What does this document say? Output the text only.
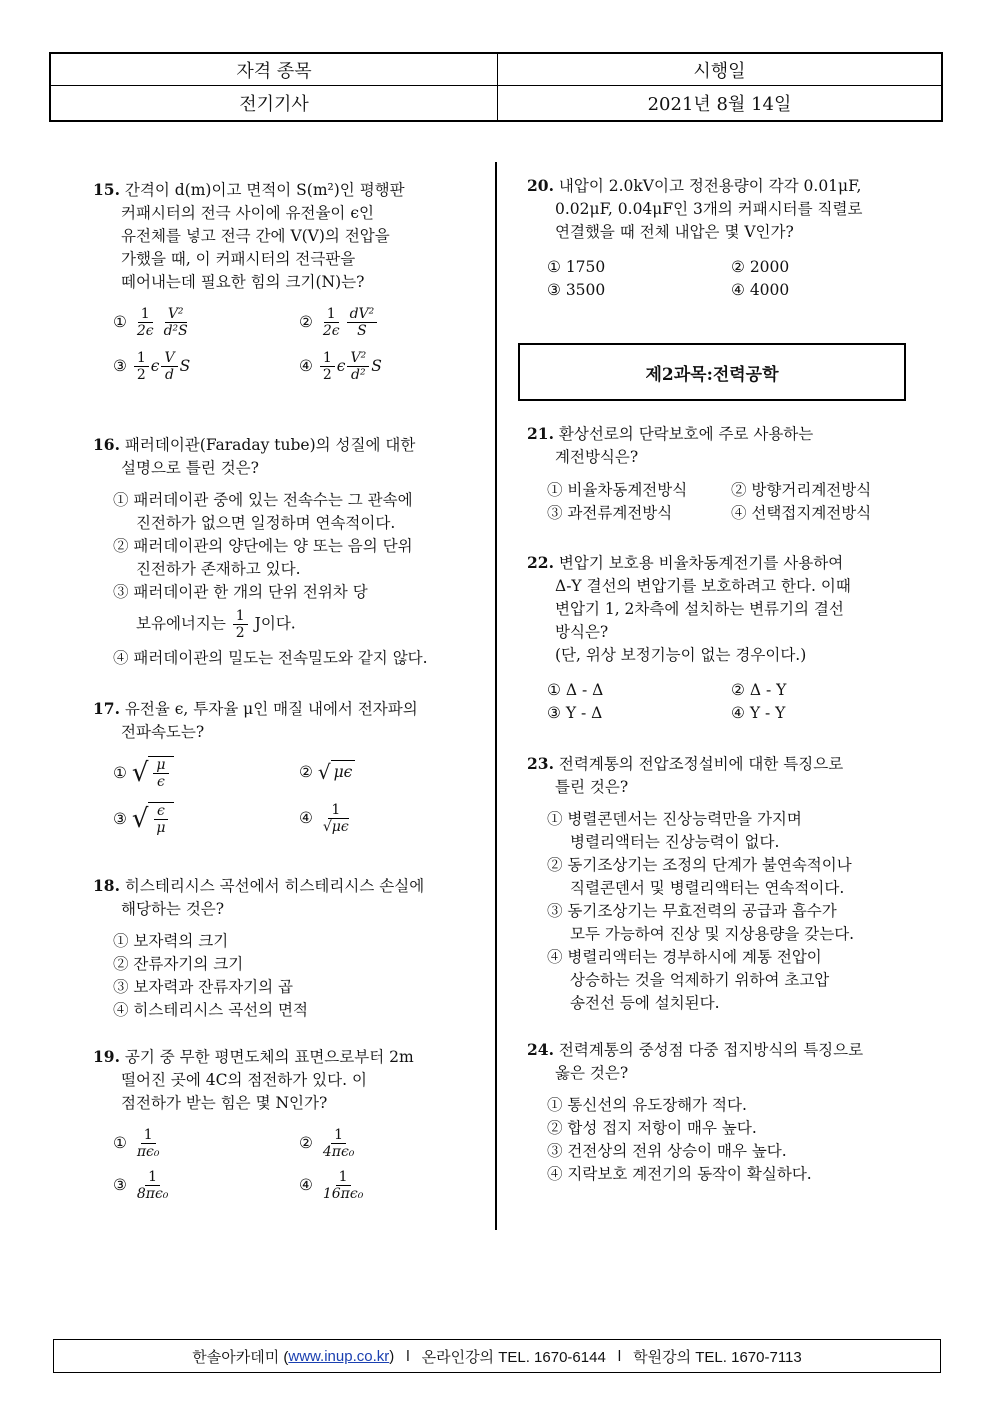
자격 종목	시행일
전기기사	2021년 8월 14일
15. 간격이 d(m)이고 면적이 S(m²)인 평행판
커패시터의 전극 사이에 유전율이 ϵ인
유전체를 넣고 전극 간에 V(V)의 전압을
가했을 때, 이 커패시터의 전극판을
떼어내는데 필요한 힘의 크기(N)는?
①
$\frac{1}{2\epsilon} \frac{\text{V²}}{\text{d²S}}$	②
$\frac{1}{2\epsilon} \frac{\text{dV²}}{S}$
③
$\frac{1}{2}$ ϵ $\frac{V}{d}$ S	④
$\frac{1}{2}$ ϵ $\frac{\text{V²}}{\text{d²}}$ S
16. 패러데이관(Faraday tube)의 성질에 대한
설명으로 틀린 것은?
① 패러데이관 중에 있는 전속수는 그 관속에
진전하가 없으면 일정하며 연속적이다.
② 패러데이관의 양단에는 양 또는 음의 단위
진전하가 존재하고 있다.
③ 패러데이관 한 개의 단위 전위차 당
보유에너지는 $\frac{1}{2}$ J이다.
④ 패러데이관의 밀도는 전속밀도와 같지 않다.
17. 유전율 ϵ, 투자율 μ인 매질 내에서 전자파의
전파속도는?
①
√ $\frac{\mu}{\epsilon}$	②
√ μϵ
③
√ $\frac{\epsilon}{\mu}$	④
$\frac{1}{√\mu\epsilon}$
18. 히스테리시스 곡선에서 히스테리시스 손실에
해당하는 것은?
① 보자력의 크기
② 잔류자기의 크기
③ 보자력과 잔류자기의 곱
④ 히스테리시스 곡선의 면적
19. 공기 중 무한 평면도체의 표면으로부터 2m
떨어진 곳에 4C의 점전하가 있다. 이
점전하가 받는 힘은 몇 N인가?
①
$\frac{1}{\text{πϵ₀}}$	②
$\frac{1}{\text{4πϵ₀}}$
③
$\frac{1}{\text{8πϵ₀}}$	④
$\frac{1}{\text{16πϵ₀}}$
20. 내압이 2.0kV이고 정전용량이 각각 0.01μF,
0.02μF, 0.04μF인 3개의 커패시터를 직렬로
연결했을 때 전체 내압은 몇 V인가?
① 1750	② 2000
③ 3500	④ 4000
제2과목:전력공학
21. 환상선로의 단락보호에 주로 사용하는
계전방식은?
① 비율차동계전방식	② 방향거리계전방식
③ 과전류계전방식	④ 선택접지계전방식
22. 변압기 보호용 비율차동계전기를 사용하여
Δ-Y 결선의 변압기를 보호하려고 한다. 이때
변압기 1, 2차측에 설치하는 변류기의 결선
방식은?
(단, 위상 보정기능이 없는 경우이다.)
① Δ - Δ	② Δ - Y
③ Y - Δ	④ Y - Y
23. 전력계통의 전압조정설비에 대한 특징으로
틀린 것은?
① 병렬콘덴서는 진상능력만을 가지며
병렬리액터는 진상능력이 없다.
② 동기조상기는 조정의 단계가 불연속적이나
직렬콘덴서 및 병렬리액터는 연속적이다.
③ 동기조상기는 무효전력의 공급과 흡수가
모두 가능하여 진상 및 지상용량을 갖는다.
④ 병렬리액터는 경부하시에 계통 전압이
상승하는 것을 억제하기 위하여 초고압
송전선 등에 설치된다.
24. 전력계통의 중성점 다중 접지방식의 특징으로
옳은 것은?
① 통신선의 유도장해가 적다.
② 합성 접지 저항이 매우 높다.
③ 건전상의 전위 상승이 매우 높다.
④ 지락보호 계전기의 동작이 확실하다.
한솔아카데미 ( www.inup.co.kr ) l 온라인강의 TEL. 1670-6144 l 학원강의 TEL. 1670-7113
